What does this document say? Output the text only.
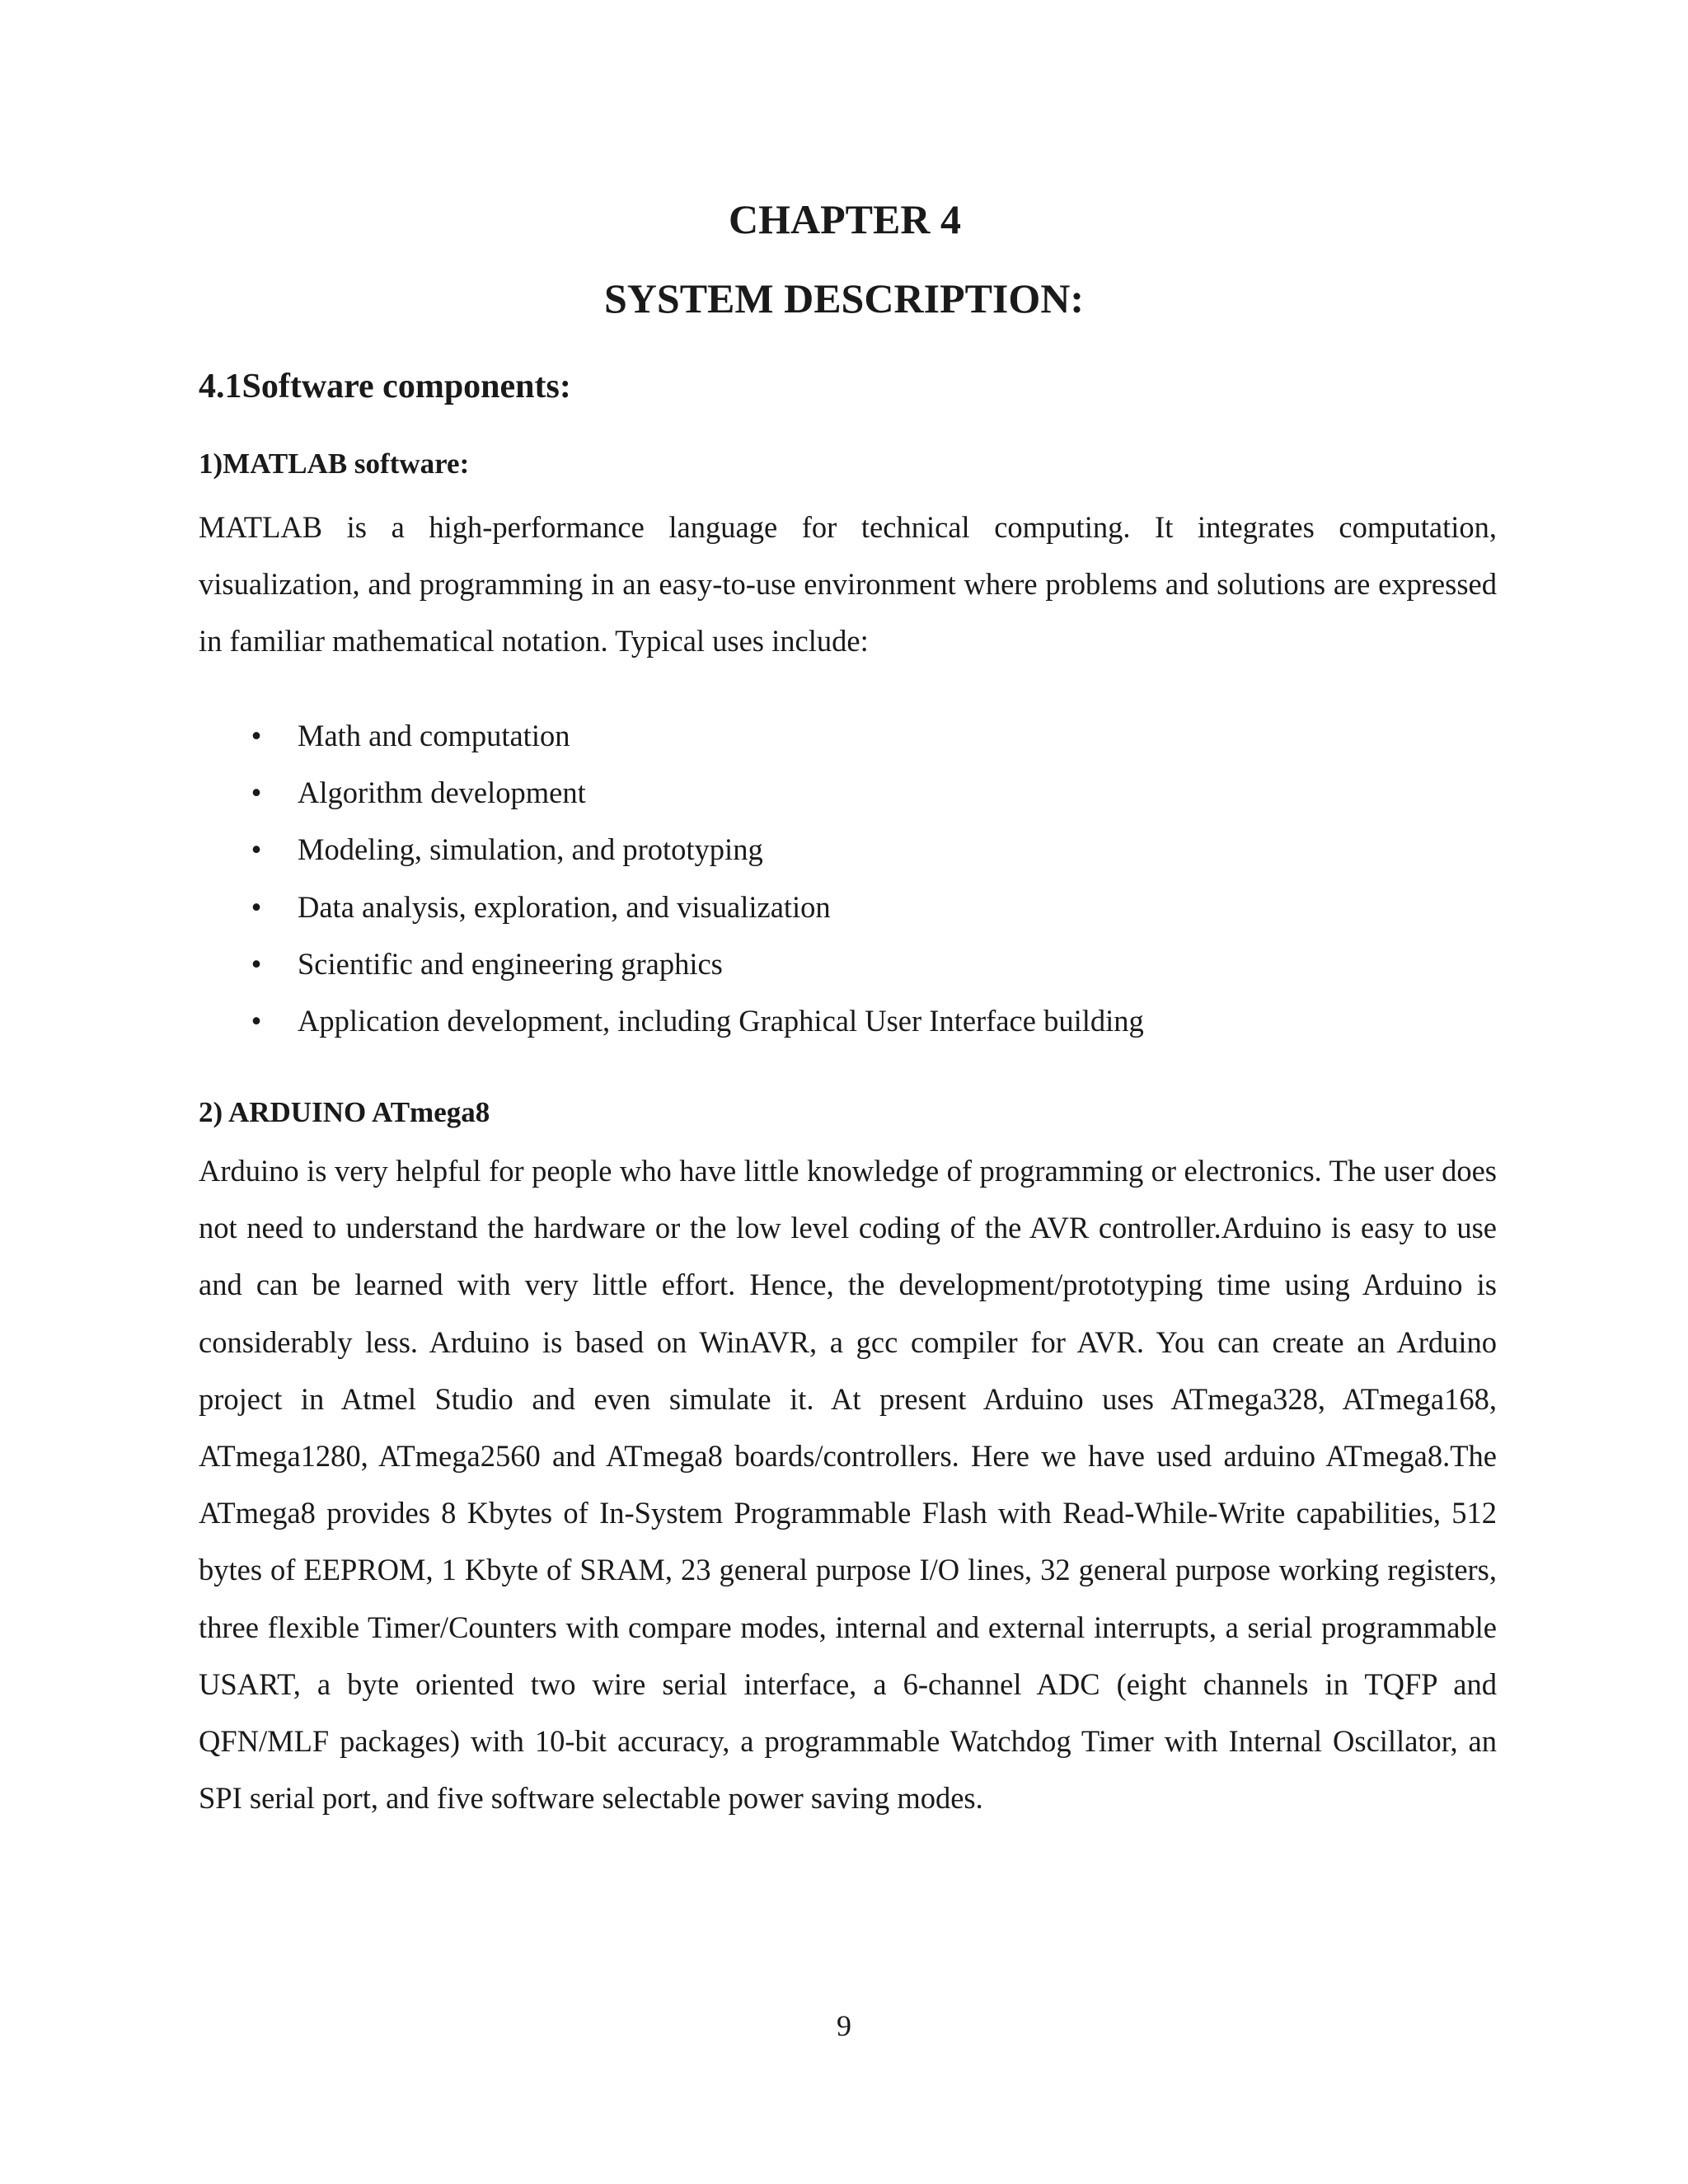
CHAPTER 4
SYSTEM DESCRIPTION:
4.1Software components:
1)MATLAB software:

MATLAB is a high-performance language for technical computing. It integrates computation, visualization, and programming in an easy-to-use environment where problems and solutions are expressed in familiar mathematical notation. Typical uses include:

• Math and computation
• Algorithm development
• Modeling, simulation, and prototyping
• Data analysis, exploration, and visualization
• Scientific and engineering graphics
• Application development, including Graphical User Interface building
2) ARDUINO ATmega8

Arduino is very helpful for people who have little knowledge of programming or electronics. The user does not need to understand the hardware or the low level coding of the AVR controller.Arduino is easy to use and can be learned with very little effort. Hence, the development/prototyping time using Arduino is considerably less. Arduino is based on WinAVR, a gcc compiler for AVR. You can create an Arduino project in Atmel Studio and even simulate it. At present Arduino uses ATmega328, ATmega168, ATmega1280, ATmega2560 and ATmega8 boards/controllers. Here we have used arduino ATmega8.The ATmega8 provides 8 Kbytes of In-System Programmable Flash with Read-While-Write capabilities, 512 bytes of EEPROM, 1 Kbyte of SRAM, 23 general purpose I/O lines, 32 general purpose working registers, three flexible Timer/Counters with compare modes, internal and external interrupts, a serial programmable USART, a byte oriented two wire serial interface, a 6-channel ADC (eight channels in TQFP and QFN/MLF packages) with 10-bit accuracy, a programmable Watchdog Timer with Internal Oscillator, an SPI serial port, and five software selectable power saving modes.

9
